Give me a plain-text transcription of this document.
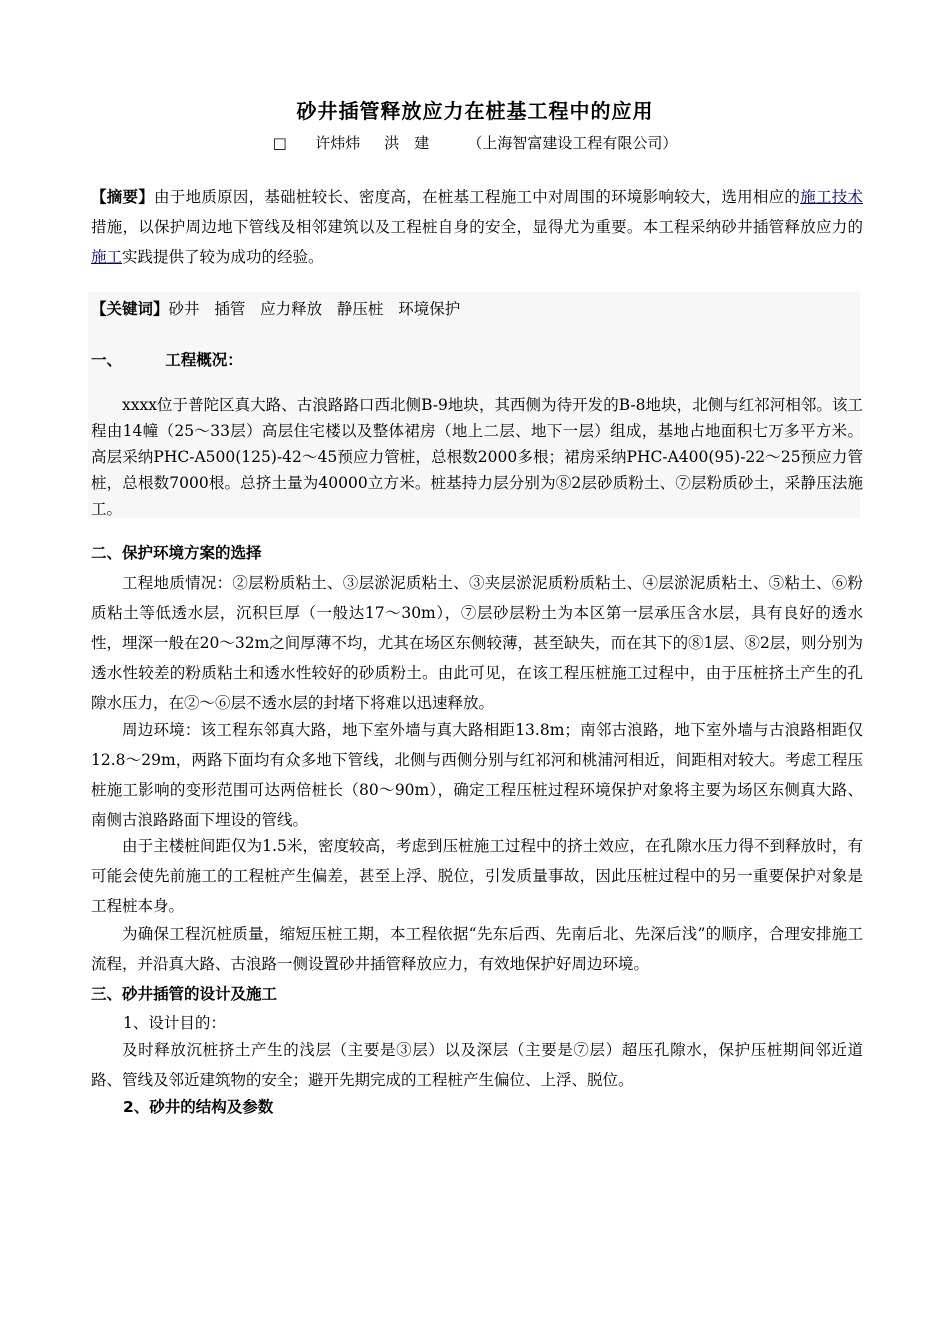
砂井插管释放应力在桩基工程中的应用
□ 许炜炜 洪　建	（上海智富建设工程有限公司）
【摘要】由于地质原因，基础桩较长、密度高，在桩基工程施工中对周围的环境影响较大，选用相应的施工技术措施，以保护周边地下管线及相邻建筑以及工程桩自身的安全，显得尤为重要。本工程采纳砂井插管释放应力的施工实践提供了较为成功的经验。
【关键词】砂井 插管 应力释放 静压桩 环境保护
一、	工程概况：
xxxx位于普陀区真大路、古浪路路口西北侧B-9地块，其西侧为待开发的B-8地块，北侧与红祁河相邻。该工程由14幢（25～33层）高层住宅楼以及整体裙房（地上二层、地下一层）组成，基地占地面积七万多平方米。高层采纳PHC-A500(125)-42～45预应力管桩，总根数2000多根；裙房采纳PHC-A400(95)-22～25预应力管桩，总根数7000根。总挤土量为40000立方米。桩基持力层分别为⑧2层砂质粉土、⑦层粉质砂土，采静压法施工。
二、保护环境方案的选择
工程地质情况：②层粉质粘土、③层淤泥质粘土、③夹层淤泥质粉质粘土、④层淤泥质粘土、⑤粘土、⑥粉质粘土等低透水层，沉积巨厚（一般达17～30m），⑦层砂层粉土为本区第一层承压含水层，具有良好的透水性，埋深一般在20～32m之间厚薄不均，尤其在场区东侧较薄，甚至缺失，而在其下的⑧1层、⑧2层，则分别为透水性较差的粉质粘土和透水性较好的砂质粉土。由此可见，在该工程压桩施工过程中，由于压桩挤土产生的孔隙水压力，在②～⑥层不透水层的封堵下将难以迅速释放。
周边环境：该工程东邻真大路，地下室外墙与真大路相距13.8m；南邻古浪路，地下室外墙与古浪路相距仅12.8～29m，两路下面均有众多地下管线，北侧与西侧分别与红祁河和桃浦河相近，间距相对较大。考虑工程压桩施工影响的变形范围可达两倍桩长（80～90m），确定工程压桩过程环境保护对象将主要为场区东侧真大路、南侧古浪路路面下埋设的管线。
由于主楼桩间距仅为1.5米，密度较高，考虑到压桩施工过程中的挤土效应，在孔隙水压力得不到释放时，有可能会使先前施工的工程桩产生偏差，甚至上浮、脱位，引发质量事故，因此压桩过程中的另一重要保护对象是工程桩本身。
为确保工程沉桩质量，缩短压桩工期，本工程依据“先东后西、先南后北、先深后浅”的顺序，合理安排施工流程，并沿真大路、古浪路一侧设置砂井插管释放应力，有效地保护好周边环境。
三、砂井插管的设计及施工
1、设计目的：
及时释放沉桩挤土产生的浅层（主要是③层）以及深层（主要是⑦层）超压孔隙水，保护压桩期间邻近道路、管线及邻近建筑物的安全；避开先期完成的工程桩产生偏位、上浮、脱位。
2、砂井的结构及参数
